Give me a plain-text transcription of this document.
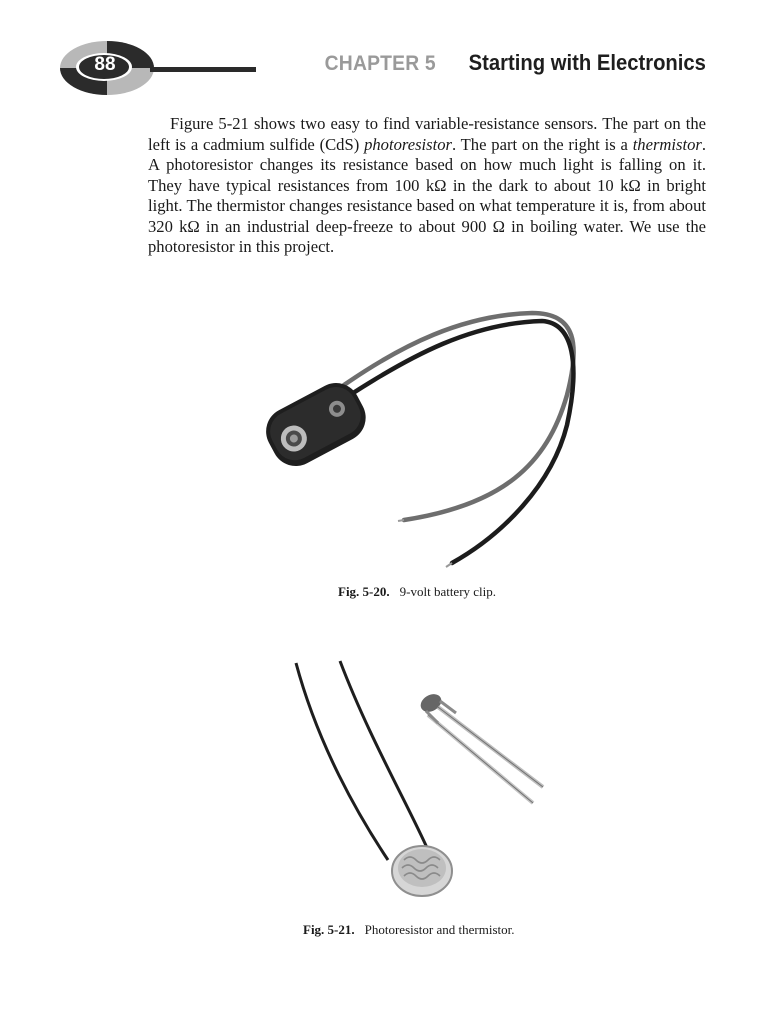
88	CHAPTER 5 Starting with Electronics

Figure 5-21 shows two easy to find variable-resistance sensors. The part on the left is a cadmium sulfide (CdS) photoresistor. The part on the right is a thermistor. A photoresistor changes its resistance based on how much light is falling on it. They have typical resistances from 100 kΩ in the dark to about 10 kΩ in bright light. The thermistor changes resistance based on what temperature it is, from about 320 kΩ in an industrial deep-freeze to about 900 Ω in boiling water. We use the photoresistor in this project.

Fig. 5-20. 9-volt battery clip.
Fig. 5-21. Photoresistor and thermistor.
